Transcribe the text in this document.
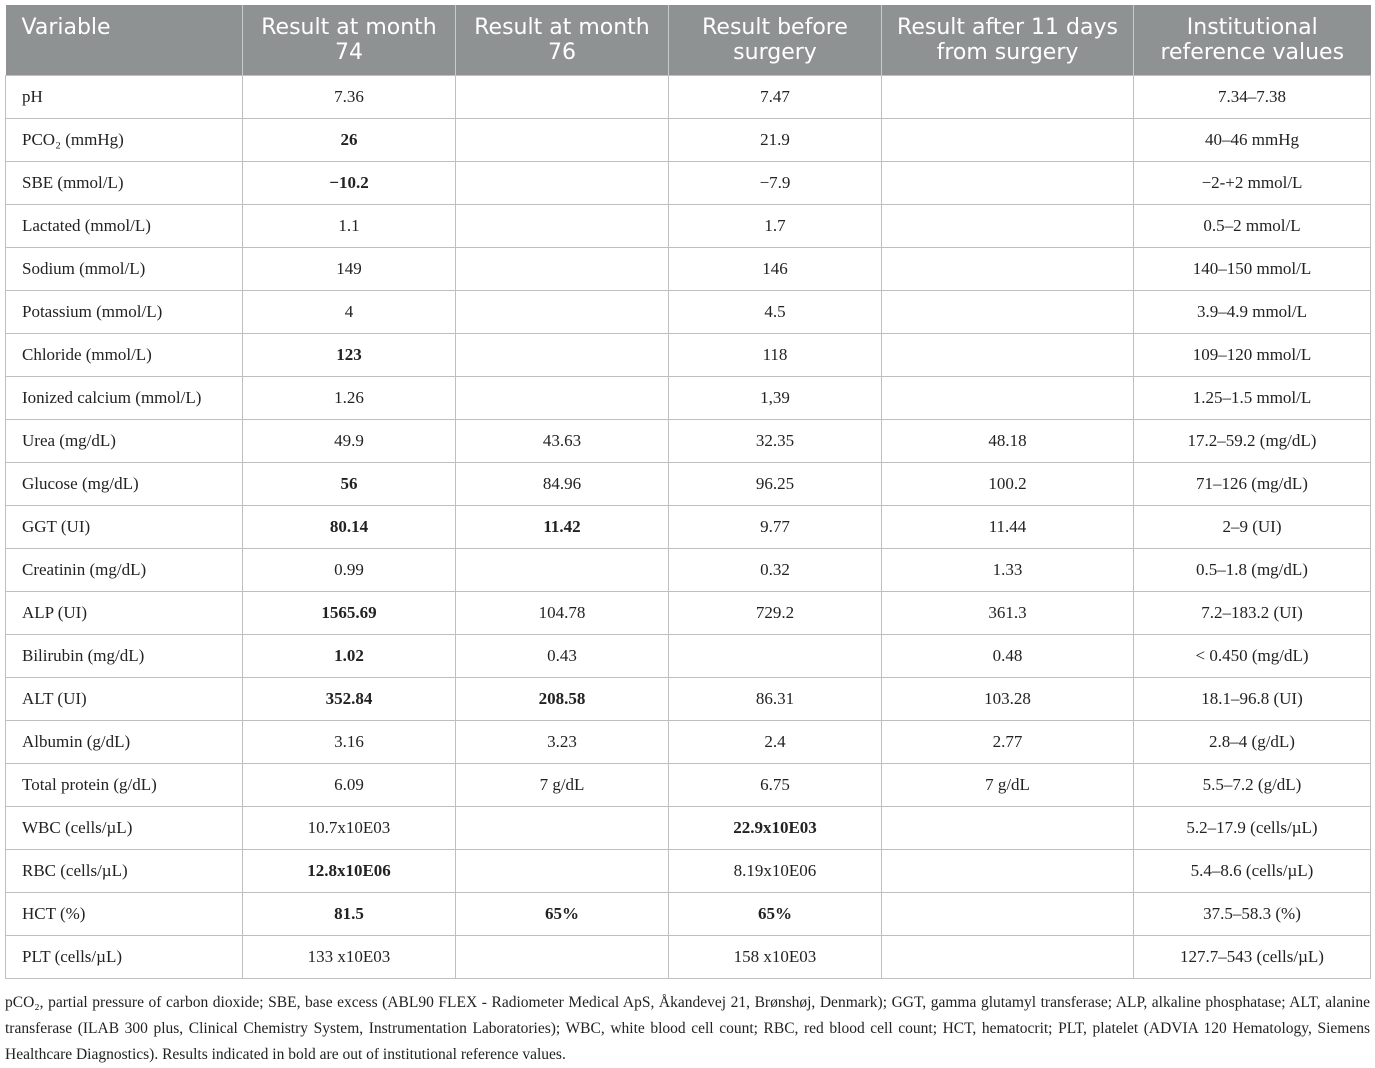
Variable	Result at month 74	Result at month 76	Result before surgery	Result after 11 days from surgery	Institutional reference values
pH	7.36		7.47		7.34–7.38
PCO₂ (mmHg)	26		21.9		40–46 mmHg
SBE (mmol/L)	−10.2		−7.9		−2-+2 mmol/L
Lactated (mmol/L)	1.1		1.7		0.5–2 mmol/L
Sodium (mmol/L)	149		146		140–150 mmol/L
Potassium (mmol/L)	4		4.5		3.9–4.9 mmol/L
Chloride (mmol/L)	123		118		109–120 mmol/L
Ionized calcium (mmol/L)	1.26		1,39		1.25–1.5 mmol/L
Urea (mg/dL)	49.9	43.63	32.35	48.18	17.2–59.2 (mg/dL)
Glucose (mg/dL)	56	84.96	96.25	100.2	71–126 (mg/dL)
GGT (UI)	80.14	11.42	9.77	11.44	2–9 (UI)
Creatinin (mg/dL)	0.99		0.32	1.33	0.5–1.8 (mg/dL)
ALP (UI)	1565.69	104.78	729.2	361.3	7.2–183.2 (UI)
Bilirubin (mg/dL)	1.02	0.43		0.48	< 0.450 (mg/dL)
ALT (UI)	352.84	208.58	86.31	103.28	18.1–96.8 (UI)
Albumin (g/dL)	3.16	3.23	2.4	2.77	2.8–4 (g/dL)
Total protein (g/dL)	6.09	7 g/dL	6.75	7 g/dL	5.5–7.2 (g/dL)
WBC (cells/µL)	10.7x10E03		22.9x10E03		5.2–17.9 (cells/µL)
RBC (cells/µL)	12.8x10E06		8.19x10E06		5.4–8.6 (cells/µL)
HCT (%)	81.5	65%	65%		37.5–58.3 (%)
PLT (cells/µL)	133 x10E03		158 x10E03		127.7–543 (cells/µL)
pCO₂, partial pressure of carbon dioxide; SBE, base excess (ABL90 FLEX - Radiometer Medical ApS, Åkandevej 21, Brønshøj, Denmark); GGT, gamma glutamyl transferase; ALP, alkaline phosphatase; ALT, alanine transferase (ILAB 300 plus, Clinical Chemistry System, Instrumentation Laboratories); WBC, white blood cell count; RBC, red blood cell count; HCT, hematocrit; PLT, platelet (ADVIA 120 Hematology, Siemens Healthcare Diagnostics). Results indicated in bold are out of institutional reference values.
